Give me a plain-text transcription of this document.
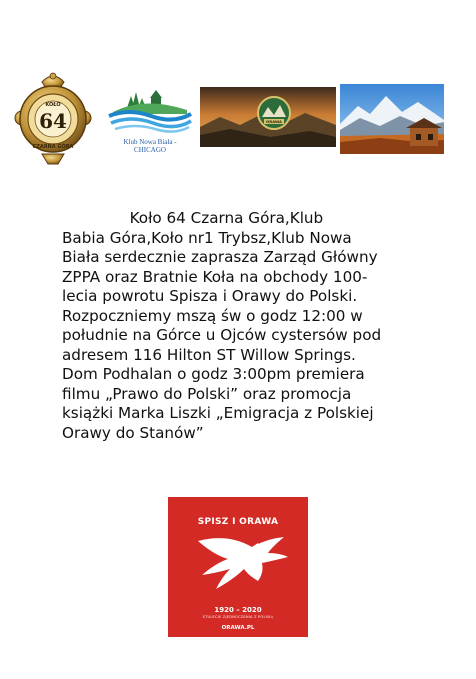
KOŁO
64
CZARNA GÓRA
Klub Nowa Biała -
CHICAGO
ORAWA

Koło 64 Czarna Góra,Klub
Babia Góra,Koło nr1 Trybsz,Klub Nowa
Biała serdecznie zaprasza Zarząd Główny
ZPPA oraz Bratnie Koła na obchody 100-
lecia powrotu Spisza i Orawy do Polski.
Rozpoczniemy mszą św o godz 12:00 w
południe na Górce u Ojców cystersów pod
adresem 116 Hilton ST Willow Springs.
Dom Podhalan o godz 3:00pm premiera
filmu „Prawo do Polski” oraz promocja
książki Marka Liszki „Emigracja z Polskiej
Orawy do Stanów”

SPISZ I ORAWA
1920 – 2020
STULECIE ZJEDNOCZENIA Z POLSKĄ
ORAWA.PL
